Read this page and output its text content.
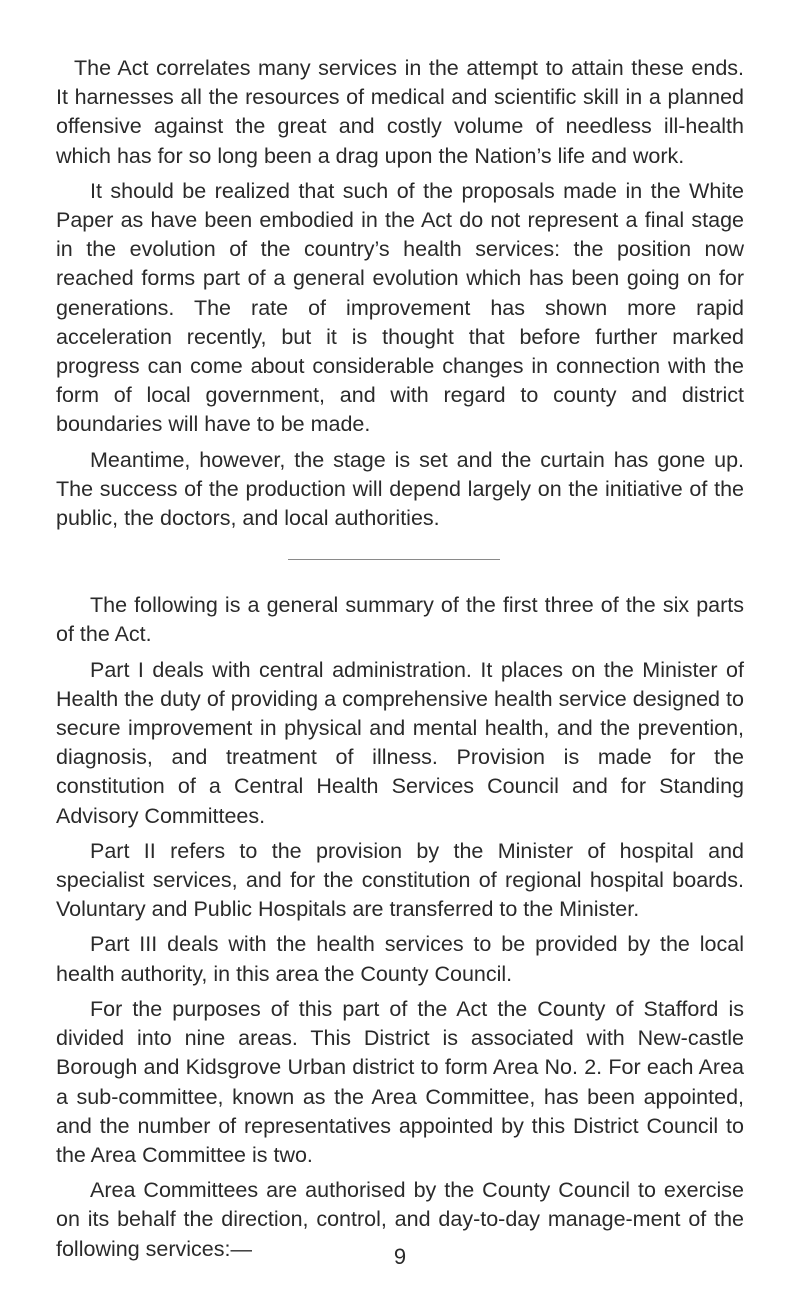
The Act correlates many services in the attempt to attain these ends. It harnesses all the resources of medical and scientific skill in a planned offensive against the great and costly volume of needless ill-health which has for so long been a drag upon the Nation’s life and work.

It should be realized that such of the proposals made in the White Paper as have been embodied in the Act do not represent a final stage in the evolution of the country’s health services: the position now reached forms part of a general evolution which has been going on for generations. The rate of improvement has shown more rapid acceleration recently, but it is thought that before further marked progress can come about considerable changes in connection with the form of local government, and with regard to county and district boundaries will have to be made.

Meantime, however, the stage is set and the curtain has gone up. The success of the production will depend largely on the initiative of the public, the doctors, and local authorities.

The following is a general summary of the first three of the six parts of the Act.

Part I deals with central administration. It places on the Minister of Health the duty of providing a comprehensive health service designed to secure improvement in physical and mental health, and the prevention, diagnosis, and treatment of illness. Provision is made for the constitution of a Central Health Services Council and for Standing Advisory Committees.

Part II refers to the provision by the Minister of hospital and specialist services, and for the constitution of regional hospital boards. Voluntary and Public Hospitals are transferred to the Minister.

Part III deals with the health services to be provided by the local health authority, in this area the County Council.

For the purposes of this part of the Act the County of Stafford is divided into nine areas. This District is associated with New-castle Borough and Kidsgrove Urban district to form Area No. 2. For each Area a sub-committee, known as the Area Committee, has been appointed, and the number of representatives appointed by this District Council to the Area Committee is two.

Area Committees are authorised by the County Council to exercise on its behalf the direction, control, and day-to-day manage-ment of the following services:—	9
